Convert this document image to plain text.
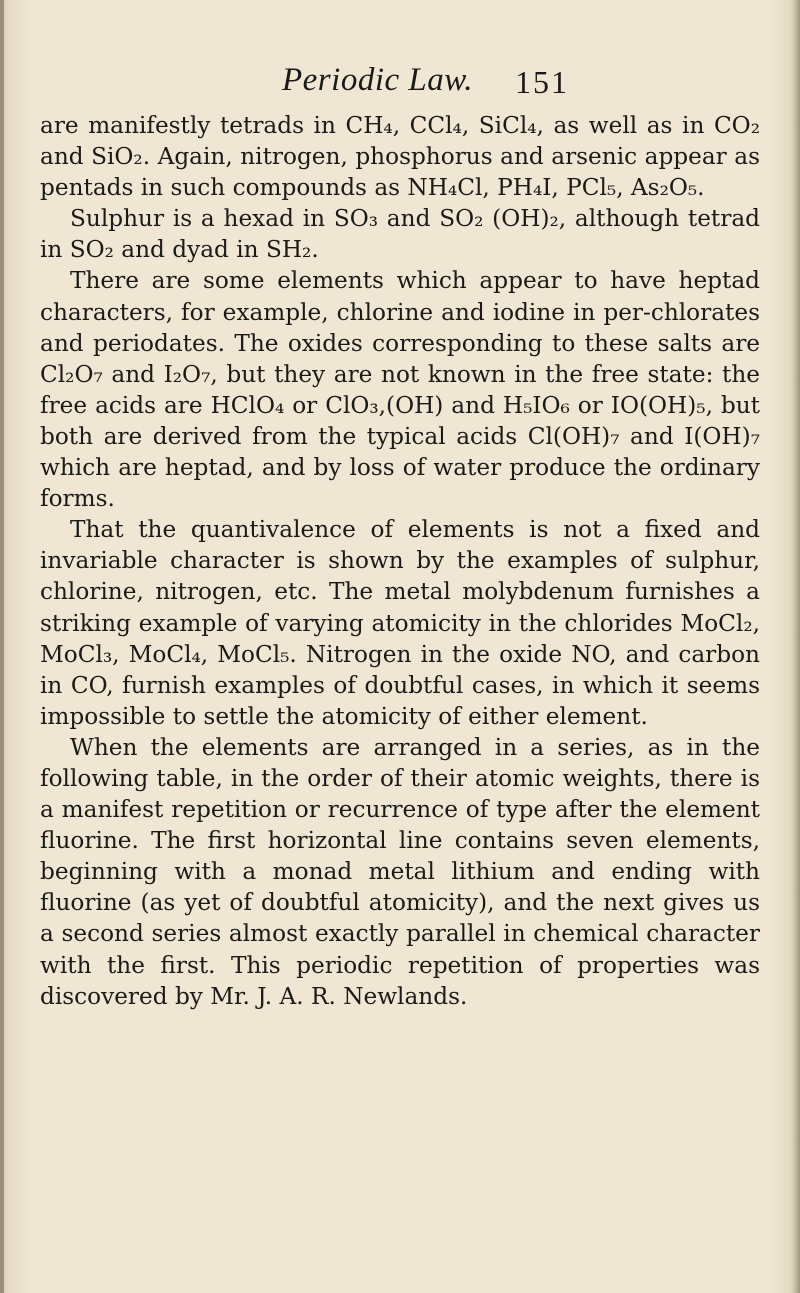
Periodic Law. 151

are manifestly tetrads in CH₄, CCl₄, SiCl₄, as well as in CO₂ and SiO₂. Again, nitrogen, phosphorus and arsenic appear as pentads in such compounds as NH₄Cl, PH₄I, PCl₅, As₂O₅.

Sulphur is a hexad in SO₃ and SO₂ (OH)₂, although tetrad in SO₂ and dyad in SH₂.

There are some elements which appear to have heptad characters, for example, chlorine and iodine in per-chlorates and periodates. The oxides corresponding to these salts are Cl₂O₇ and I₂O₇, but they are not known in the free state: the free acids are HClO₄ or ClO₃,(OH) and H₅IO₆ or IO(OH)₅, but both are derived from the typical acids Cl(OH)₇ and I(OH)₇ which are heptad, and by loss of water produce the ordinary forms.

That the quantivalence of elements is not a fixed and invariable character is shown by the examples of sulphur, chlorine, nitrogen, etc. The metal molybdenum furnishes a striking example of varying atomicity in the chlorides MoCl₂, MoCl₃, MoCl₄, MoCl₅. Nitrogen in the oxide NO, and carbon in CO, furnish examples of doubtful cases, in which it seems impossible to settle the atomicity of either element.

When the elements are arranged in a series, as in the following table, in the order of their atomic weights, there is a manifest repetition or recurrence of type after the element fluorine. The first horizontal line contains seven elements, beginning with a monad metal lithium and ending with fluorine (as yet of doubtful atomicity), and the next gives us a second series almost exactly parallel in chemical character with the first. This periodic repetition of properties was discovered by Mr. J. A. R. Newlands.
